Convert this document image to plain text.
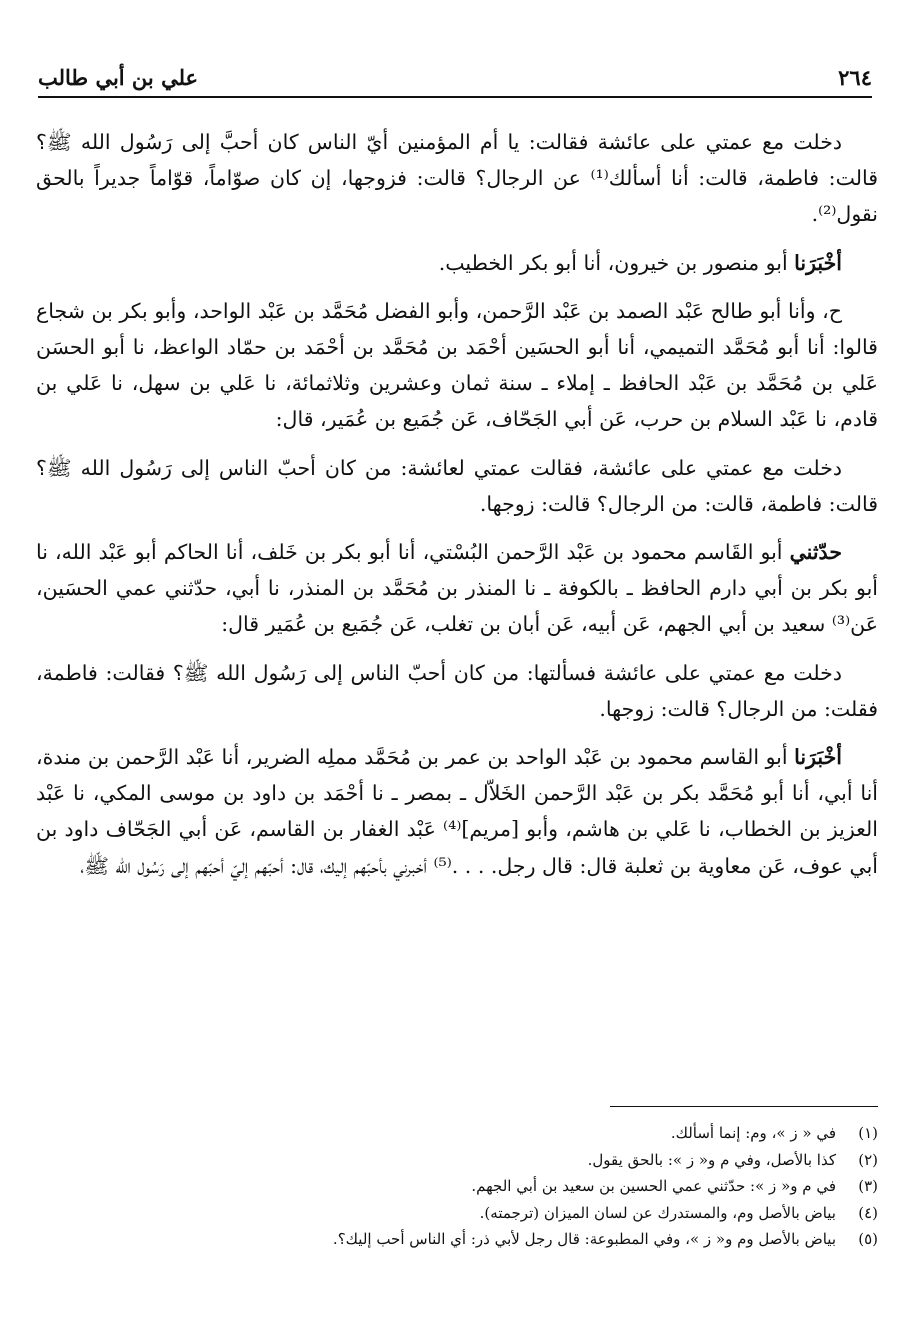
٢٦٤
علي بن أبي طالب

دخلت مع عمتي على عائشة فقالت: يا أم المؤمنين أيّ الناس كان أحبَّ إلى رَسُول الله ﷺ؟ قالت: فاطمة، قالت: أنا أسألك⁽¹⁾ عن الرجال؟ قالت: فزوجها، إن كان صوّاماً، قوّاماً جديراً بالحق نقول⁽²⁾.

أخْبَرَنا أبو منصور بن خيرون، أنا أبو بكر الخطيب.

ح، وأنا أبو طالح عَبْد الصمد بن عَبْد الرَّحمن، وأبو الفضل مُحَمَّد بن عَبْد الواحد، وأبو بكر بن شجاع قالوا: أنا أبو مُحَمَّد التميمي، أنا أبو الحسَين أحْمَد بن مُحَمَّد بن أحْمَد بن حمّاد الواعظ، نا أبو الحسَن عَلي بن مُحَمَّد بن عَبْد الحافظ ـ إملاء ـ سنة ثمان وعشرين وثلاثمائة، نا عَلي بن سهل، نا عَلي بن قادم، نا عَبْد السلام بن حرب، عَن أبي الجَحّاف، عَن جُمَيع بن عُمَير، قال:

دخلت مع عمتي على عائشة، فقالت عمتي لعائشة: من كان أحبّ الناس إلى رَسُول الله ﷺ؟ قالت: فاطمة، قالت: من الرجال؟ قالت: زوجها.

حدّثني أبو القَاسم محمود بن عَبْد الرَّحمن البُسْتي، أنا أبو بكر بن خَلف، أنا الحاكم أبو عَبْد الله، نا أبو بكر بن أبي دارم الحافظ ـ بالكوفة ـ نا المنذر بن مُحَمَّد بن المنذر، نا أبي، حدّثني عمي الحسَين، عَن⁽³⁾ سعيد بن أبي الجهم، عَن أبيه، عَن أبان بن تغلب، عَن جُمَيع بن عُمَير قال:

دخلت مع عمتي على عائشة فسألتها: من كان أحبّ الناس إلى رَسُول الله ﷺ؟ فقالت: فاطمة، فقلت: من الرجال؟ قالت: زوجها.

أخْبَرَنا أبو القاسم محمود بن عَبْد الواحد بن عمر بن مُحَمَّد مملِه الضرير، أنا عَبْد الرَّحمن بن مندة، أنا أبي، أنا أبو مُحَمَّد بكر بن عَبْد الرَّحمن الخَلاّل ـ بمصر ـ نا أحْمَد بن داود بن موسى المكي، نا عَبْد العزيز بن الخطاب، نا عَلي بن هاشم، وأبو [مريم]⁽⁴⁾ عَبْد الغفار بن القاسم، عَن أبي الجَحّاف داود بن أبي عوف، عَن معاوية بن ثعلبة قال: قال رجل. . . .⁽⁵⁾ أخبرني بأحبّهم إليك، قال: أحبّهم إليّ أحبّهم إلى رَسُول الله ﷺ،

(١)
في « ز »، وم: إنما أسألك.
(٢)
كذا بالأصل، وفي م و« ز »: بالحق يقول.
(٣)
في م و« ز »: حدّثني عمي الحسين بن سعيد بن أبي الجهم.
(٤)
بياض بالأصل وم، والمستدرك عن لسان الميزان (ترجمته).
(٥)
بياض بالأصل وم و« ز »، وفي المطبوعة: قال رجل لأبي ذر: أي الناس أحب إليك؟.
